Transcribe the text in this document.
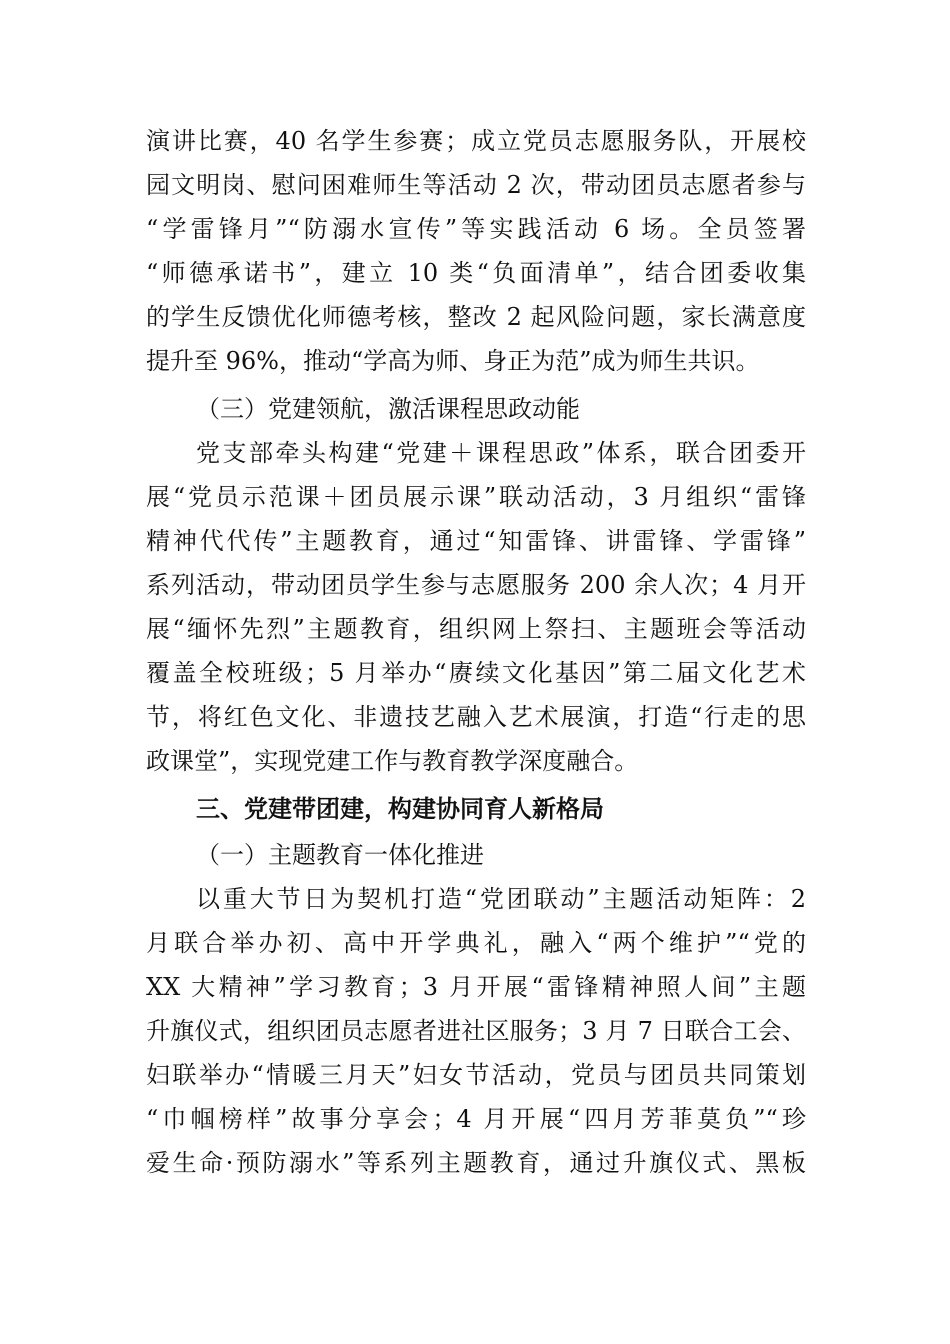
演讲比赛，40 名学生参赛；成立党员志愿服务队，开展校
园文明岗、慰问困难师生等活动 2 次，带动团员志愿者参与
“学雷锋月”“防溺水宣传”等实践活动 6 场。全员签署
“师德承诺书”，建立 10 类“负面清单”，结合团委收集
的学生反馈优化师德考核，整改 2 起风险问题，家长满意度
提升至 96%，推动“学高为师、身正为范”成为师生共识。
（三）党建领航，激活课程思政动能
党支部牵头构建“党建＋课程思政”体系，联合团委开
展“党员示范课＋团员展示课”联动活动，3 月组织“雷锋
精神代代传”主题教育，通过“知雷锋、讲雷锋、学雷锋”
系列活动，带动团员学生参与志愿服务 200 余人次；4 月开
展“缅怀先烈”主题教育，组织网上祭扫、主题班会等活动
覆盖全校班级；5 月举办“赓续文化基因”第二届文化艺术
节，将红色文化、非遗技艺融入艺术展演，打造“行走的思
政课堂”，实现党建工作与教育教学深度融合。
三、党建带团建，构建协同育人新格局
（一）主题教育一体化推进
以重大节日为契机打造“党团联动”主题活动矩阵：2
月联合举办初、高中开学典礼，融入“两个维护”“党的
XX 大精神”学习教育；3 月开展“雷锋精神照人间”主题
升旗仪式，组织团员志愿者进社区服务；3 月 7 日联合工会、
妇联举办“情暖三月天”妇女节活动，党员与团员共同策划
“巾帼榜样”故事分享会；4 月开展“四月芳菲莫负”“珍
爱生命·预防溺水”等系列主题教育，通过升旗仪式、黑板
